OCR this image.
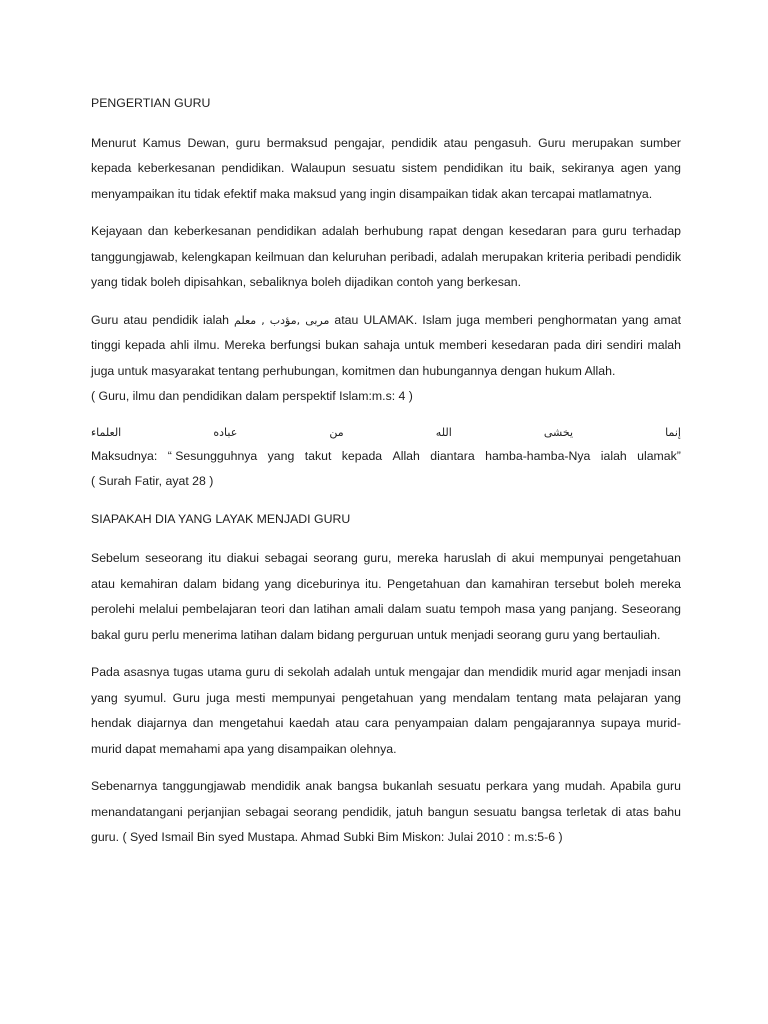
PENGERTIAN GURU

Menurut Kamus Dewan, guru bermaksud pengajar, pendidik atau pengasuh. Guru merupakan sumber kepada keberkesanan pendidikan. Walaupun sesuatu sistem pendidikan itu baik, sekiranya agen yang menyampaikan itu tidak efektif maka maksud yang ingin disampaikan tidak akan tercapai matlamatnya.

Kejayaan dan keberkesanan pendidikan adalah berhubung rapat dengan kesedaran para guru terhadap tanggungjawab, kelengkapan keilmuan dan keluruhan peribadi, adalah merupakan kriteria peribadi pendidik yang tidak boleh dipisahkan, sebaliknya boleh dijadikan contoh yang berkesan.

Guru atau pendidik ialah مربى ,مؤدب , معلم atau ULAMAK. Islam juga memberi penghormatan yang amat tinggi kepada ahli ilmu. Mereka berfungsi bukan sahaja untuk memberi kesedaran pada diri sendiri malah juga untuk masyarakat tentang perhubungan, komitmen dan hubungannya dengan hukum Allah.
( Guru, ilmu dan pendidikan dalam perspektif Islam:m.s: 4 )
إنما
يخشى
الله
من
عباده
العلماء
Maksudnya: “ Sesungguhnya yang takut kepada Allah diantara hamba-hamba-Nya ialah ulamak”
( Surah Fatir, ayat 28 )
SIAPAKAH DIA YANG LAYAK MENJADI GURU

Sebelum seseorang itu diakui sebagai seorang guru, mereka haruslah di akui mempunyai pengetahuan atau kemahiran dalam bidang yang diceburinya itu. Pengetahuan dan kamahiran tersebut boleh mereka perolehi melalui pembelajaran teori dan latihan amali dalam suatu tempoh masa yang panjang. Seseorang bakal guru perlu menerima latihan dalam bidang perguruan untuk menjadi seorang guru yang bertauliah.

Pada asasnya tugas utama guru di sekolah adalah untuk mengajar dan mendidik murid agar menjadi insan yang syumul. Guru juga mesti mempunyai pengetahuan yang mendalam tentang mata pelajaran yang hendak diajarnya dan mengetahui kaedah atau cara penyampaian dalam pengajarannya supaya murid-murid dapat memahami apa yang disampaikan olehnya.

Sebenarnya tanggungjawab mendidik anak bangsa bukanlah sesuatu perkara yang mudah. Apabila guru menandatangani perjanjian sebagai seorang pendidik, jatuh bangun sesuatu bangsa terletak di atas bahu guru. ( Syed Ismail Bin syed Mustapa. Ahmad Subki Bim Miskon: Julai 2010 : m.s:5-6 )
